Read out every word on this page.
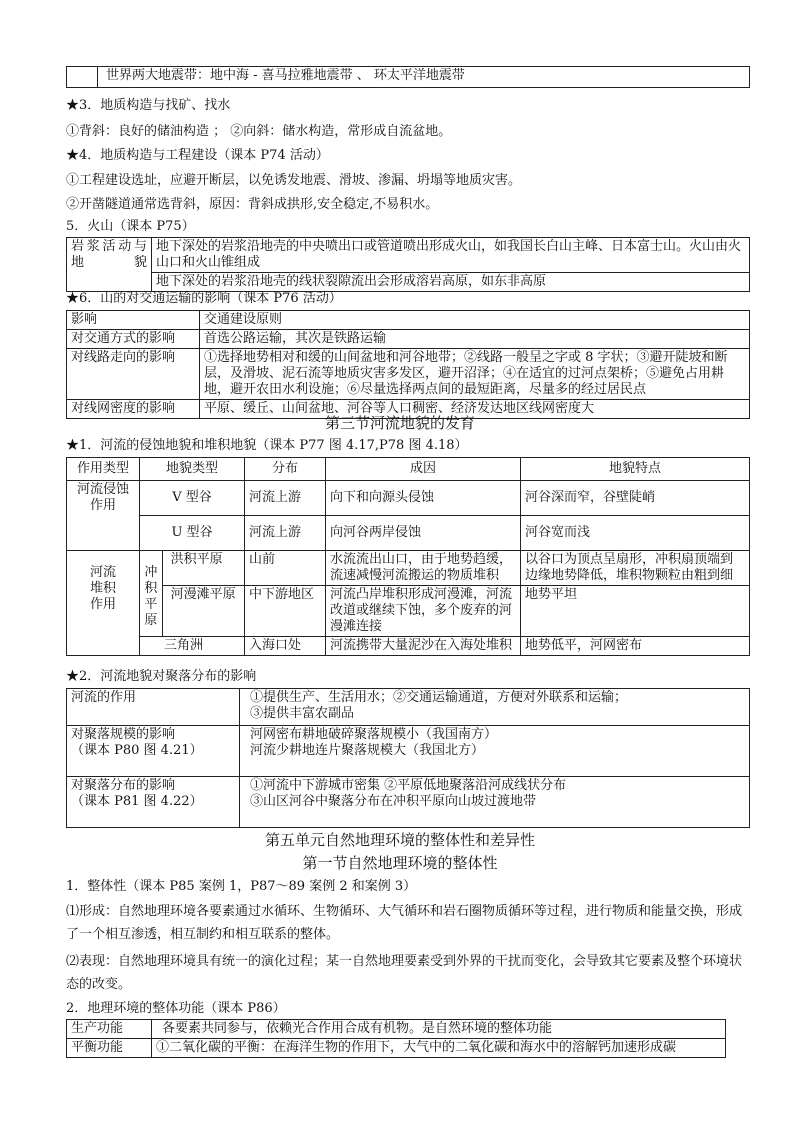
	世界两大地震带：地中海 - 喜马拉雅地震带 、 环太平洋地震带
★3．地质构造与找矿、找水
①背斜：良好的储油构造 ； ②向斜：储水构造，常形成自流盆地。
★4．地质构造与工程建设（课本 P74 活动）
①工程建设选址，应避开断层，以免诱发地震、滑坡、渗漏、坍塌等地质灾害。
②开凿隧道通常选背斜，原因：背斜成拱形,安全稳定,不易积水。
5．火山（课本 P75）
岩浆活动与地貌	地下深处的岩浆沿地壳的中央喷出口或管道喷出形成火山，如我国长白山主峰、日本富士山。火山由火山口和火山锥组成
地下深处的岩浆沿地壳的线状裂隙流出会形成溶岩高原，如东非高原
★6．山的对交通运输的影响（课本 P76 活动）
影响	交通建设原则
对交通方式的影响	首选公路运输，其次是铁路运输
对线路走向的影响	①选择地势相对和缓的山间盆地和河谷地带；②线路一般呈之字或 8 字状；③避开陡坡和断层，及滑坡、泥石流等地质灾害多发区，避开沼泽；④在适宜的过河点架桥；⑤避免占用耕地，避开农田水利设施；⑥尽量选择两点间的最短距离，尽量多的经过居民点
对线网密度的影响	平原、缓丘、山间盆地、河谷等人口稠密、经济发达地区线网密度大
第三节河流地貌的发育
★1．河流的侵蚀地貌和堆积地貌（课本 P77 图 4.17,P78 图 4.18）
作用类型	地貌类型		分布	成因	地貌特点
河流侵蚀作用	V 型谷		河流上游	向下和向源头侵蚀	河谷深而窄，谷壁陡峭
	U 型谷		河流上游	向河谷两岸侵蚀	河谷宽而浅
河流堆积作用	冲积平原	洪积平原	山前	水流流出山口，由于地势趋缓，流速减慢河流搬运的物质堆积	以谷口为顶点呈扇形，冲积扇顶端到边缘地势降低，堆积物颗粒由粗到细
		河漫滩平原	中下游地区	河流凸岸堆积形成河漫滩，河流改道或继续下蚀，多个废弃的河漫滩连接	地势平坦
	三角洲		入海口处	河流携带大量泥沙在入海处堆积	地势低平，河网密布
★2．河流地貌对聚落分布的影响
河流的作用	①提供生产、生活用水；②交通运输通道，方便对外联系和运输；
③提供丰富农副品
对聚落规模的影响
（课本 P80 图 4.21）	河网密布耕地破碎聚落规模小（我国南方）
河流少耕地连片聚落规模大（我国北方）
对聚落分布的影响
（课本 P81 图 4.22）	①河流中下游城市密集 ②平原低地聚落沿河成线状分布
③山区河谷中聚落分布在冲积平原向山坡过渡地带
第五单元自然地理环境的整体性和差异性
第一节自然地理环境的整体性
1．整体性（课本 P85 案例 1，P87～89 案例 2 和案例 3）
⑴形成：自然地理环境各要素通过水循环、生物循环、大气循环和岩石圈物质循环等过程，进行物质和能量交换，形成了一个相互渗透，相互制约和相互联系的整体。
⑵表现：自然地理环境具有统一的演化过程；某一自然地理要素受到外界的干扰而变化，会导致其它要素及整个环境状态的改变。
2．地理环境的整体功能（课本 P86）
生产功能	各要素共同参与，依赖光合作用合成有机物。是自然环境的整体功能
平衡功能	①二氧化碳的平衡：在海洋生物的作用下，大气中的二氧化碳和海水中的溶解钙加速形成碳
